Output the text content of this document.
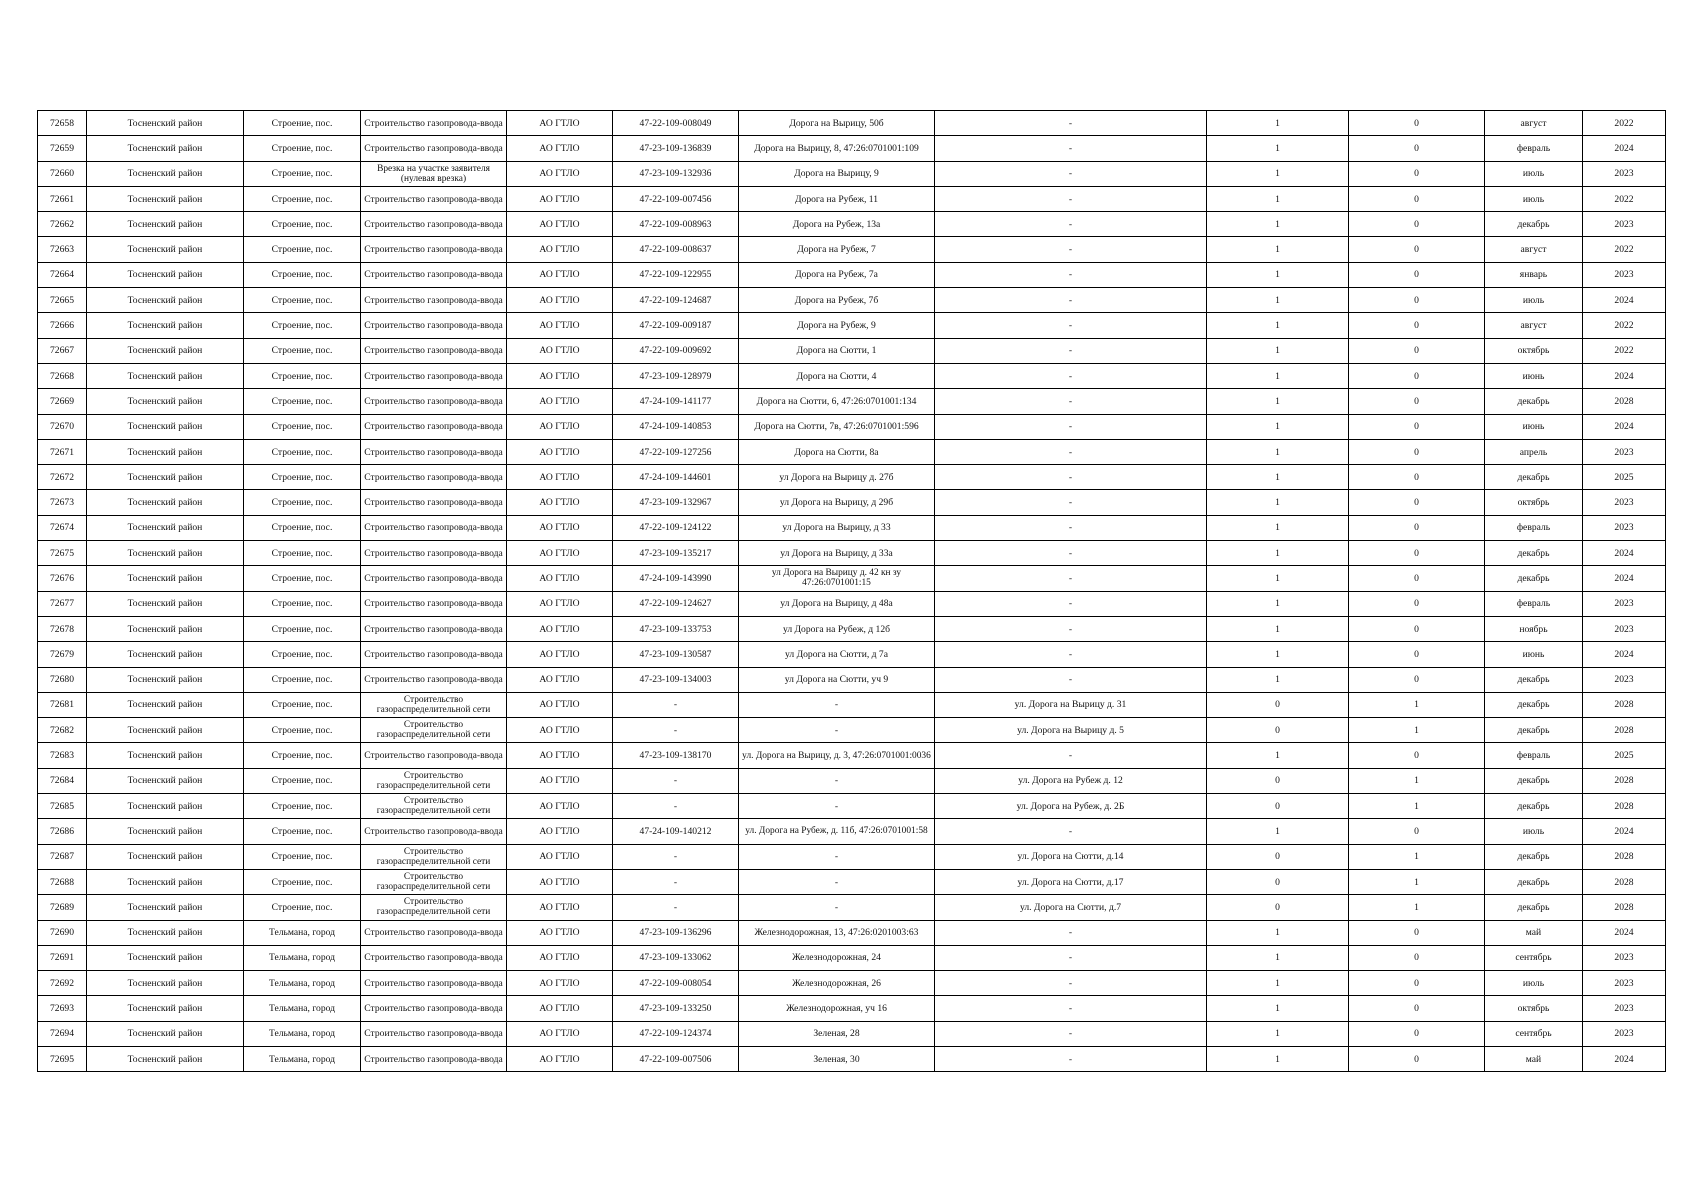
72658	Тосненский район	Строение, пос.	Строительство газопровода-ввода	АО ГТЛО	47-22-109-008049	Дорога на Вырицу, 50б	-	1	0	август	2022
72659	Тосненский район	Строение, пос.	Строительство газопровода-ввода	АО ГТЛО	47-23-109-136839	Дорога на Вырицу, 8, 47:26:0701001:109	-	1	0	февраль	2024
72660	Тосненский район	Строение, пос.	Врезка на участке заявителя (нулевая врезка)	АО ГТЛО	47-23-109-132936	Дорога на Вырицу, 9	-	1	0	июль	2023
72661	Тосненский район	Строение, пос.	Строительство газопровода-ввода	АО ГТЛО	47-22-109-007456	Дорога на Рубеж, 11	-	1	0	июль	2022
72662	Тосненский район	Строение, пос.	Строительство газопровода-ввода	АО ГТЛО	47-22-109-008963	Дорога на Рубеж, 13а	-	1	0	декабрь	2023
72663	Тосненский район	Строение, пос.	Строительство газопровода-ввода	АО ГТЛО	47-22-109-008637	Дорога на Рубеж, 7	-	1	0	август	2022
72664	Тосненский район	Строение, пос.	Строительство газопровода-ввода	АО ГТЛО	47-22-109-122955	Дорога на Рубеж, 7а	-	1	0	январь	2023
72665	Тосненский район	Строение, пос.	Строительство газопровода-ввода	АО ГТЛО	47-22-109-124687	Дорога на Рубеж, 7б	-	1	0	июль	2024
72666	Тосненский район	Строение, пос.	Строительство газопровода-ввода	АО ГТЛО	47-22-109-009187	Дорога на Рубеж, 9	-	1	0	август	2022
72667	Тосненский район	Строение, пос.	Строительство газопровода-ввода	АО ГТЛО	47-22-109-009692	Дорога на Сютти, 1	-	1	0	октябрь	2022
72668	Тосненский район	Строение, пос.	Строительство газопровода-ввода	АО ГТЛО	47-23-109-128979	Дорога на Сютти, 4	-	1	0	июнь	2024
72669	Тосненский район	Строение, пос.	Строительство газопровода-ввода	АО ГТЛО	47-24-109-141177	Дорога на Сютти, 6, 47:26:0701001:134	-	1	0	декабрь	2028
72670	Тосненский район	Строение, пос.	Строительство газопровода-ввода	АО ГТЛО	47-24-109-140853	Дорога на Сютти, 7в, 47:26:0701001:596	-	1	0	июнь	2024
72671	Тосненский район	Строение, пос.	Строительство газопровода-ввода	АО ГТЛО	47-22-109-127256	Дорога на Сютти, 8а	-	1	0	апрель	2023
72672	Тосненский район	Строение, пос.	Строительство газопровода-ввода	АО ГТЛО	47-24-109-144601	ул Дорога на Вырицу д. 27б	-	1	0	декабрь	2025
72673	Тосненский район	Строение, пос.	Строительство газопровода-ввода	АО ГТЛО	47-23-109-132967	ул Дорога на Вырицу, д 29б	-	1	0	октябрь	2023
72674	Тосненский район	Строение, пос.	Строительство газопровода-ввода	АО ГТЛО	47-22-109-124122	ул Дорога на Вырицу, д 33	-	1	0	февраль	2023
72675	Тосненский район	Строение, пос.	Строительство газопровода-ввода	АО ГТЛО	47-23-109-135217	ул Дорога на Вырицу, д 33а	-	1	0	декабрь	2024
72676	Тосненский район	Строение, пос.	Строительство газопровода-ввода	АО ГТЛО	47-24-109-143990	ул Дорога на Вырицу д. 42 кн зу 47:26:0701001:15	-	1	0	декабрь	2024
72677	Тосненский район	Строение, пос.	Строительство газопровода-ввода	АО ГТЛО	47-22-109-124627	ул Дорога на Вырицу, д 48а	-	1	0	февраль	2023
72678	Тосненский район	Строение, пос.	Строительство газопровода-ввода	АО ГТЛО	47-23-109-133753	ул Дорога на Рубеж, д 12б	-	1	0	ноябрь	2023
72679	Тосненский район	Строение, пос.	Строительство газопровода-ввода	АО ГТЛО	47-23-109-130587	ул Дорога на Сютти, д 7а	-	1	0	июнь	2024
72680	Тосненский район	Строение, пос.	Строительство газопровода-ввода	АО ГТЛО	47-23-109-134003	ул Дорога на Сютти, уч 9	-	1	0	декабрь	2023
72681	Тосненский район	Строение, пос.	Строительство газораспределительной сети	АО ГТЛО	-	-	ул. Дорога на Вырицу д. 31	0	1	декабрь	2028
72682	Тосненский район	Строение, пос.	Строительство газораспределительной сети	АО ГТЛО	-	-	ул. Дорога на Вырицу д. 5	0	1	декабрь	2028
72683	Тосненский район	Строение, пос.	Строительство газопровода-ввода	АО ГТЛО	47-23-109-138170	ул. Дорога на Вырицу, д. 3, 47:26:0701001:0036	-	1	0	февраль	2025
72684	Тосненский район	Строение, пос.	Строительство газораспределительной сети	АО ГТЛО	-	-	ул. Дорога на Рубеж д. 12	0	1	декабрь	2028
72685	Тосненский район	Строение, пос.	Строительство газораспределительной сети	АО ГТЛО	-	-	ул. Дорога на Рубеж, д. 2Б	0	1	декабрь	2028
72686	Тосненский район	Строение, пос.	Строительство газопровода-ввода	АО ГТЛО	47-24-109-140212	ул. Дорога на Рубеж, д. 11б, 47:26:0701001:58	-	1	0	июль	2024
72687	Тосненский район	Строение, пос.	Строительство газораспределительной сети	АО ГТЛО	-	-	ул. Дорога на Сютти, д.14	0	1	декабрь	2028
72688	Тосненский район	Строение, пос.	Строительство газораспределительной сети	АО ГТЛО	-	-	ул. Дорога на Сютти, д.17	0	1	декабрь	2028
72689	Тосненский район	Строение, пос.	Строительство газораспределительной сети	АО ГТЛО	-	-	ул. Дорога на Сютти, д.7	0	1	декабрь	2028
72690	Тосненский район	Тельмана, город	Строительство газопровода-ввода	АО ГТЛО	47-23-109-136296	Железнодорожная, 13, 47:26:0201003:63	-	1	0	май	2024
72691	Тосненский район	Тельмана, город	Строительство газопровода-ввода	АО ГТЛО	47-23-109-133062	Железнодорожная, 24	-	1	0	сентябрь	2023
72692	Тосненский район	Тельмана, город	Строительство газопровода-ввода	АО ГТЛО	47-22-109-008054	Железнодорожная, 26	-	1	0	июль	2023
72693	Тосненский район	Тельмана, город	Строительство газопровода-ввода	АО ГТЛО	47-23-109-133250	Железнодорожная, уч 16	-	1	0	октябрь	2023
72694	Тосненский район	Тельмана, город	Строительство газопровода-ввода	АО ГТЛО	47-22-109-124374	Зеленая, 28	-	1	0	сентябрь	2023
72695	Тосненский район	Тельмана, город	Строительство газопровода-ввода	АО ГТЛО	47-22-109-007506	Зеленая, 30	-	1	0	май	2024
